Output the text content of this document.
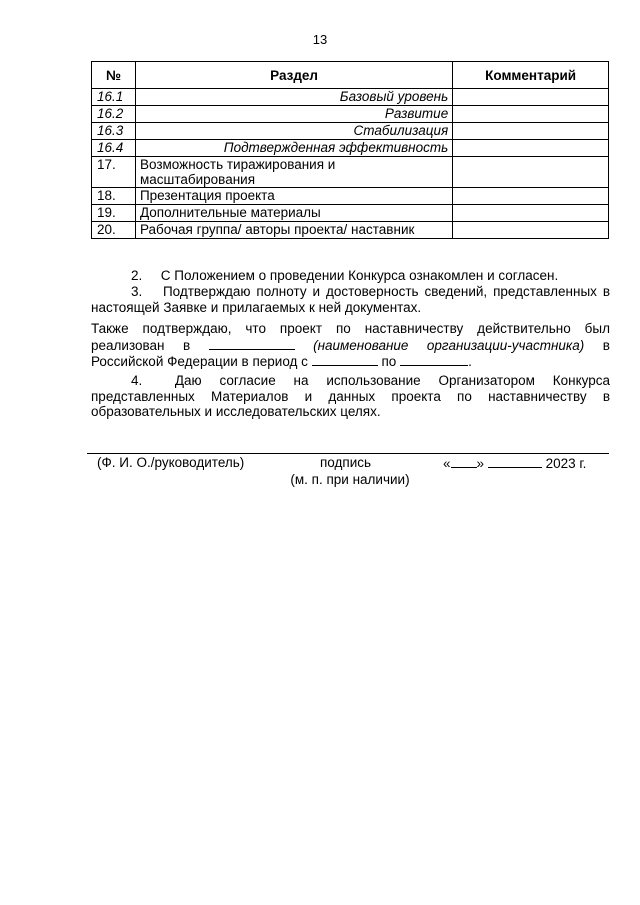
13
№	Раздел	Комментарий
16.1	Базовый уровень	
16.2	Развитие	
16.3	Стабилизация	
16.4	Подтвержденная эффективность	
17.	Возможность тиражирования и масштабирования	
18.	Презентация проекта	
19.	Дополнительные материалы	
20.	Рабочая группа/ авторы проекта/ наставник	
2. С Положением о проведении Конкурса ознакомлен и согласен.
3. Подтверждаю полноту и достоверность сведений, представленных в настоящей Заявке и прилагаемых к ней документах.
Также подтверждаю, что проект по наставничеству действительно был реализован в	(наименование организации-участника) в Российской Федерации в период с	по	.
4. Даю согласие на использование Организатором Конкурса представленных Материалов и данных проекта по наставничеству в образовательных и исследовательских целях.
(Ф. И. О./руководитель)	подпись	« »	2023 г.
(м. п. при наличии)
